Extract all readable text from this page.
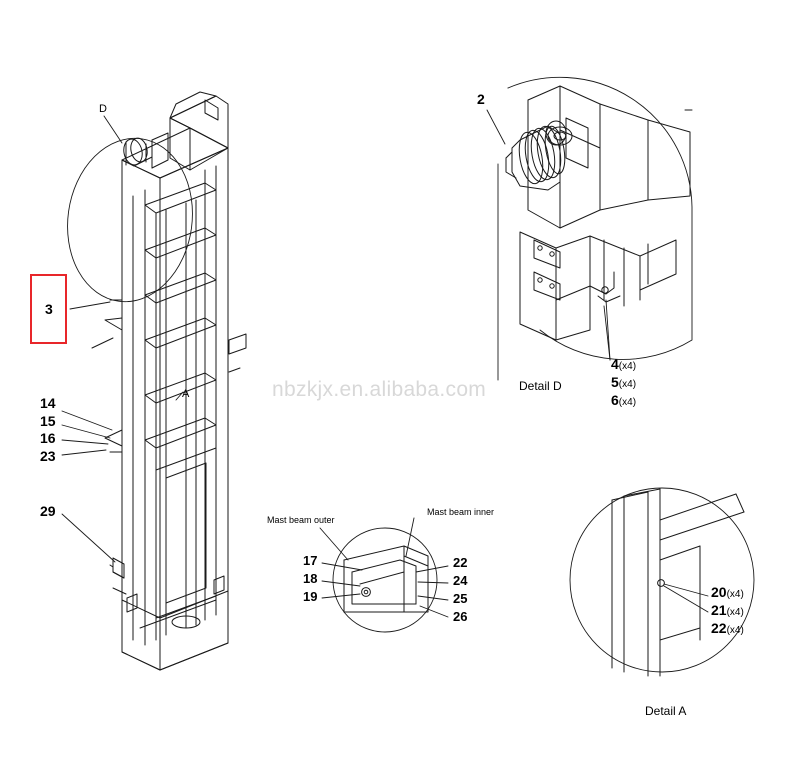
3
D
A
14
15
16
23
29
2
4(x4)
5(x4)
6(x4)
Detail D
20(x4)
21(x4)
22(x4)
Detail A
Mast beam outer
Mast beam inner
17
18
19
22
24
25
26
nbzkjx.en.alibaba.com
